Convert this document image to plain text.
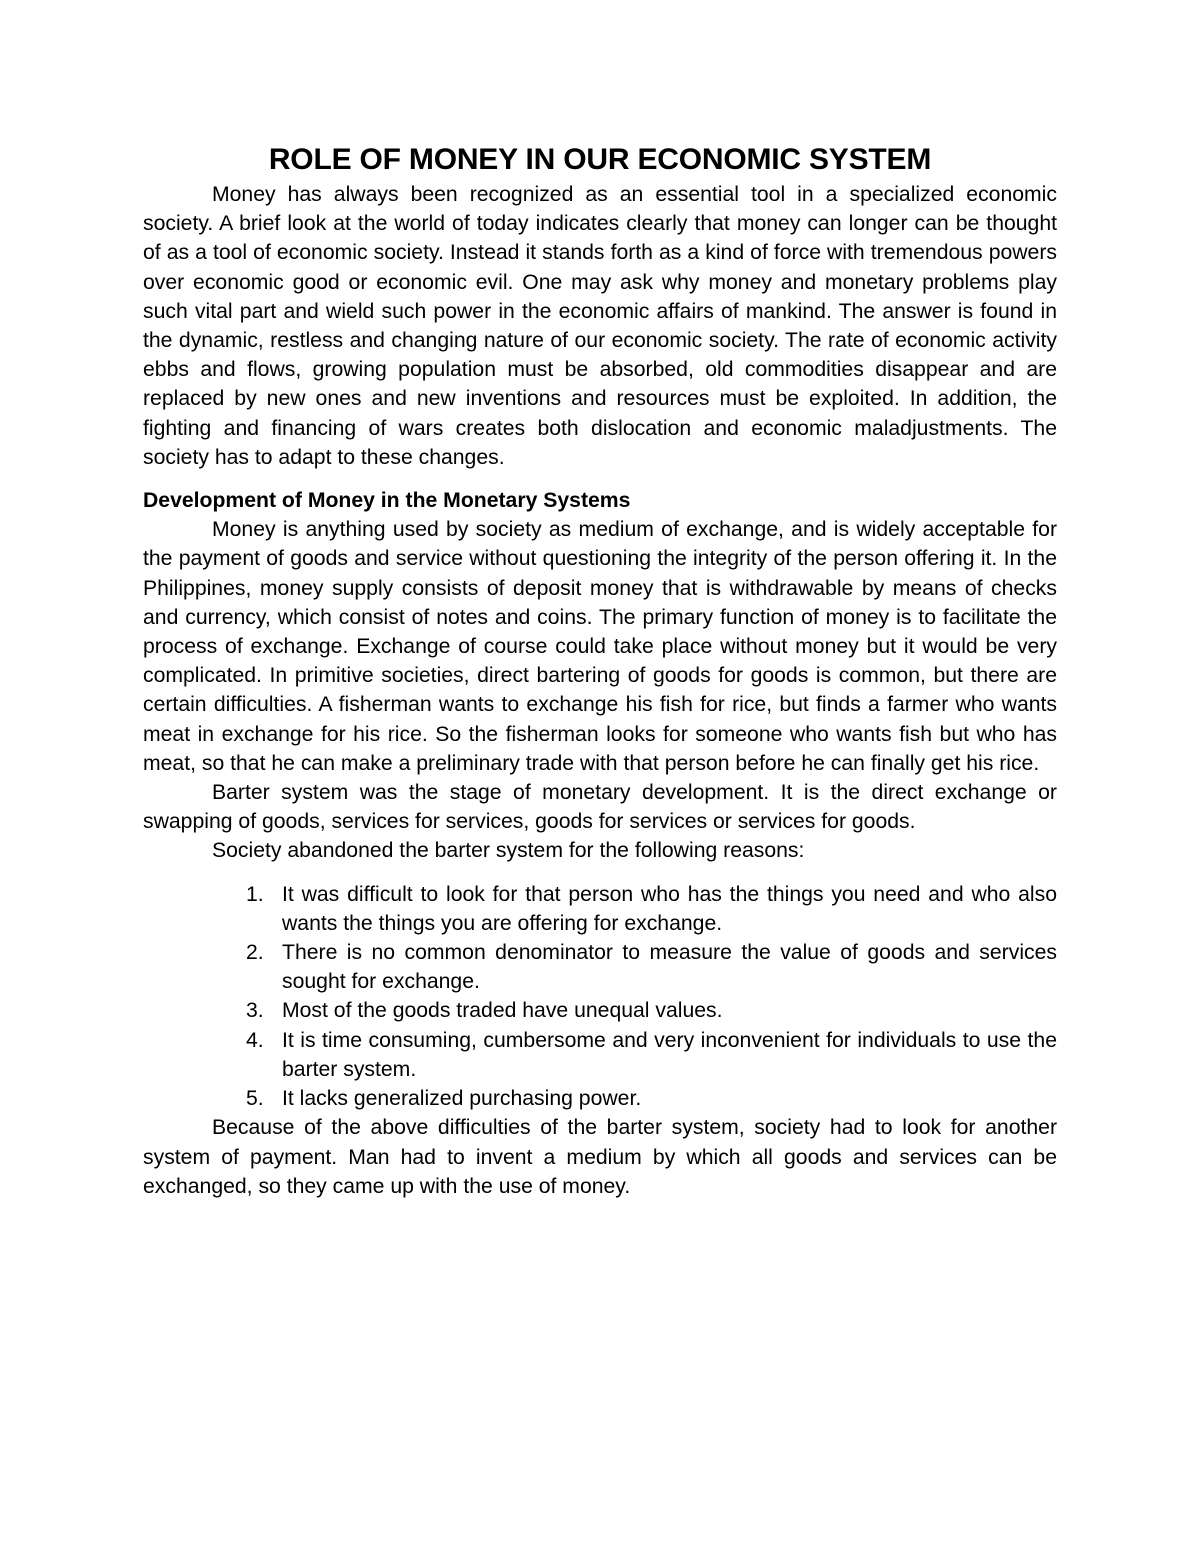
ROLE OF MONEY IN OUR ECONOMIC SYSTEM

Money has always been recognized as an essential tool in a specialized economic society. A brief look at the world of today indicates clearly that money can longer can be thought of as a tool of economic society. Instead it stands forth as a kind of force with tremendous powers over economic good or economic evil. One may ask why money and monetary problems play such vital part and wield such power in the economic affairs of mankind. The answer is found in the dynamic, restless and changing nature of our economic society. The rate of economic activity ebbs and flows, growing population must be absorbed, old commodities disappear and are replaced by new ones and new inventions and resources must be exploited. In addition, the fighting and financing of wars creates both dislocation and economic maladjustments. The society has to adapt to these changes.

Development of Money in the Monetary Systems

Money is anything used by society as medium of exchange, and is widely acceptable for the payment of goods and service without questioning the integrity of the person offering it. In the Philippines, money supply consists of deposit money that is withdrawable by means of checks and currency, which consist of notes and coins. The primary function of money is to facilitate the process of exchange. Exchange of course could take place without money but it would be very complicated. In primitive societies, direct bartering of goods for goods is common, but there are certain difficulties. A fisherman wants to exchange his fish for rice, but finds a farmer who wants meat in exchange for his rice. So the fisherman looks for someone who wants fish but who has meat, so that he can make a preliminary trade with that person before he can finally get his rice.

Barter system was the stage of monetary development. It is the direct exchange or swapping of goods, services for services, goods for services or services for goods.

Society abandoned the barter system for the following reasons:

1. It was difficult to look for that person who has the things you need and who also wants the things you are offering for exchange.
2. There is no common denominator to measure the value of goods and services sought for exchange.
3. Most of the goods traded have unequal values.
4. It is time consuming, cumbersome and very inconvenient for individuals to use the barter system.
5. It lacks generalized purchasing power.

Because of the above difficulties of the barter system, society had to look for another system of payment. Man had to invent a medium by which all goods and services can be exchanged, so they came up with the use of money.
